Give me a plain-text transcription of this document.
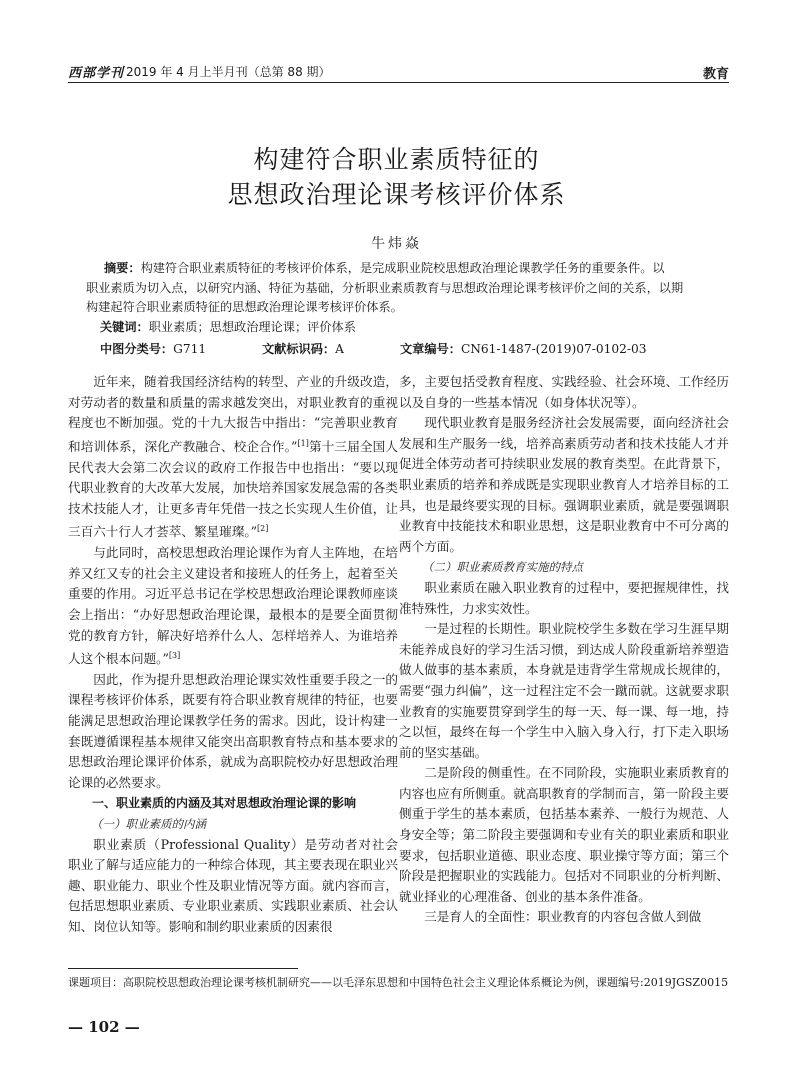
西部学刊 2019 年 4 月上半月刊（总第 88 期）	教育
构建符合职业素质特征的
思想政治理论课考核评价体系
牛炜焱
摘要：构建符合职业素质特征的考核评价体系，是完成职业院校思想政治理论课教学任务的重要条件。以
职业素质为切入点，以研究内涵、特征为基础，分析职业素质教育与思想政治理论课考核评价之间的关系，以期
构建起符合职业素质特征的思想政治理论课考核评价体系。
关键词：职业素质；思想政治理论课；评价体系
中图分类号：G711	文献标识码：A	文章编号：CN61-1487-(2019)07-0102-03

近年来，随着我国经济结构的转型、产业的升级改造，对劳动者的数量和质量的需求越发突出，对职业教育的重视程度也不断加强。党的十九大报告中指出：“完善职业教育和培训体系，深化产教融合、校企合作。”[1]第十三届全国人民代表大会第二次会议的政府工作报告中也指出：“要以现代职业教育的大改革大发展，加快培养国家发展急需的各类技术技能人才，让更多青年凭借一技之长实现人生价值，让三百六十行人才荟萃、繁星璀璨。”[2]

与此同时，高校思想政治理论课作为育人主阵地，在培养又红又专的社会主义建设者和接班人的任务上，起着至关重要的作用。习近平总书记在学校思想政治理论课教师座谈会上指出：“办好思想政治理论课，最根本的是要全面贯彻党的教育方针，解决好培养什么人、怎样培养人、为谁培养人这个根本问题。”[3]

因此，作为提升思想政治理论课实效性重要手段之一的课程考核评价体系，既要有符合职业教育规律的特征，也要能满足思想政治理论课教学任务的需求。因此，设计构建一套既遵循课程基本规律又能突出高职教育特点和基本要求的思想政治理论课评价体系，就成为高职院校办好思想政治理论课的必然要求。

一、职业素质的内涵及其对思想政治理论课的影响

（一）职业素质的内涵

职业素质（Professional Quality）是劳动者对社会职业了解与适应能力的一种综合体现，其主要表现在职业兴趣、职业能力、职业个性及职业情况等方面。就内容而言，包括思想职业素质、专业职业素质、实践职业素质、社会认知、岗位认知等。影响和制约职业素质的因素很

多，主要包括受教育程度、实践经验、社会环境、工作经历以及自身的一些基本情况（如身体状况等）。

现代职业教育是服务经济社会发展需要，面向经济社会发展和生产服务一线，培养高素质劳动者和技术技能人才并促进全体劳动者可持续职业发展的教育类型。在此背景下，职业素质的培养和养成既是实现职业教育人才培养目标的工具，也是最终要实现的目标。强调职业素质，就是要强调职业教育中技能技术和职业思想，这是职业教育中不可分离的两个方面。

（二）职业素质教育实施的特点

职业素质在融入职业教育的过程中，要把握规律性，找准特殊性，力求实效性。

一是过程的长期性。职业院校学生多数在学习生涯早期未能养成良好的学习生活习惯，到达成人阶段重新培养塑造做人做事的基本素质，本身就是违背学生常规成长规律的，需要“强力纠偏”，这一过程注定不会一蹴而就。这就要求职业教育的实施要贯穿到学生的每一天、每一课、每一地，持之以恒，最终在每一个学生中入脑入身入行，打下走入职场前的坚实基础。

二是阶段的侧重性。在不同阶段，实施职业素质教育的内容也应有所侧重。就高职教育的学制而言，第一阶段主要侧重于学生的基本素质，包括基本素养、一般行为规范、人身安全等；第二阶段主要强调和专业有关的职业素质和职业要求，包括职业道德、职业态度、职业操守等方面；第三个阶段是把握职业的实践能力。包括对不同职业的分析判断、就业择业的心理准备、创业的基本条件准备。

三是育人的全面性：职业教育的内容包含做人到做

课题项目：高职院校思想政治理论课考核机制研究——以毛泽东思想和中国特色社会主义理论体系概论为例，课题编号:2019JGSZ0015
— 102 —
